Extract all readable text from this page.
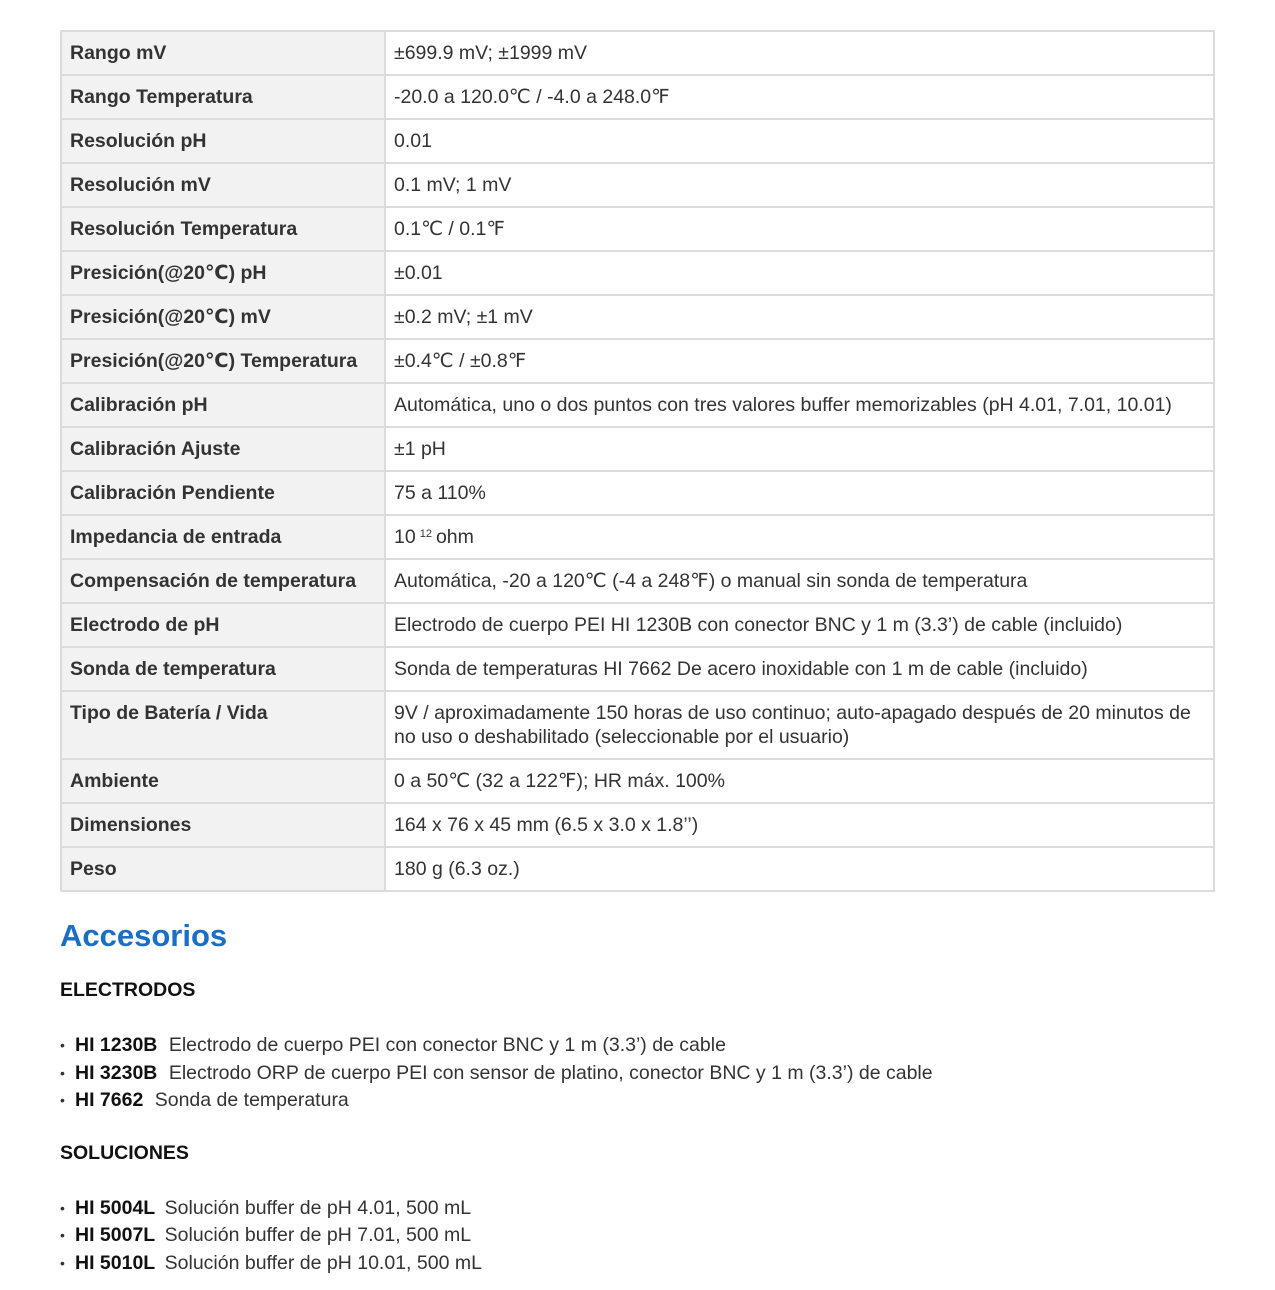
Rango mV	±699.9 mV; ±1999 mV
Rango Temperatura	-20.0 a 120.0℃ / -4.0 a 248.0℉
Resolución pH	0.01
Resolución mV	0.1 mV; 1 mV
Resolución Temperatura	0.1℃ / 0.1℉
Presición(@20℃) pH	±0.01
Presición(@20℃) mV	±0.2 mV; ±1 mV
Presición(@20℃) Temperatura	±0.4℃ / ±0.8℉
Calibración pH	Automática, uno o dos puntos con tres valores buffer memorizables (pH 4.01, 7.01, 10.01)
Calibración Ajuste	±1 pH
Calibración Pendiente	75 a 110%
Impedancia de entrada	10 $^{12}$ ohm
Compensación de temperatura	Automática, -20 a 120℃ (-4 a 248℉) o manual sin sonda de temperatura
Electrodo de pH	Electrodo de cuerpo PEI HI 1230B con conector BNC y 1 m (3.3’) de cable (incluido)
Sonda de temperatura	Sonda de temperaturas HI 7662 De acero inoxidable con 1 m de cable (incluido)
Tipo de Batería / Vida	9V / aproximadamente 150 horas de uso continuo; auto-apagado después de 20 minutos de no uso o deshabilitado (seleccionable por el usuario)
Ambiente	0 a 50℃ (32 a 122℉); HR máx. 100%
Dimensiones	164 x 76 x 45 mm (6.5 x 3.0 x 1.8’’)
Peso	180 g (6.3 oz.)
Accesorios
ELECTRODOS
• HI 1230B Electrodo de cuerpo PEI con conector BNC y 1 m (3.3’) de cable
• HI 3230B Electrodo ORP de cuerpo PEI con sensor de platino, conector BNC y 1 m (3.3’) de cable
• HI 7662 Sonda de temperatura
SOLUCIONES
• HI 5004L Solución buffer de pH 4.01, 500 mL
• HI 5007L Solución buffer de pH 7.01, 500 mL
• HI 5010L Solución buffer de pH 10.01, 500 mL
